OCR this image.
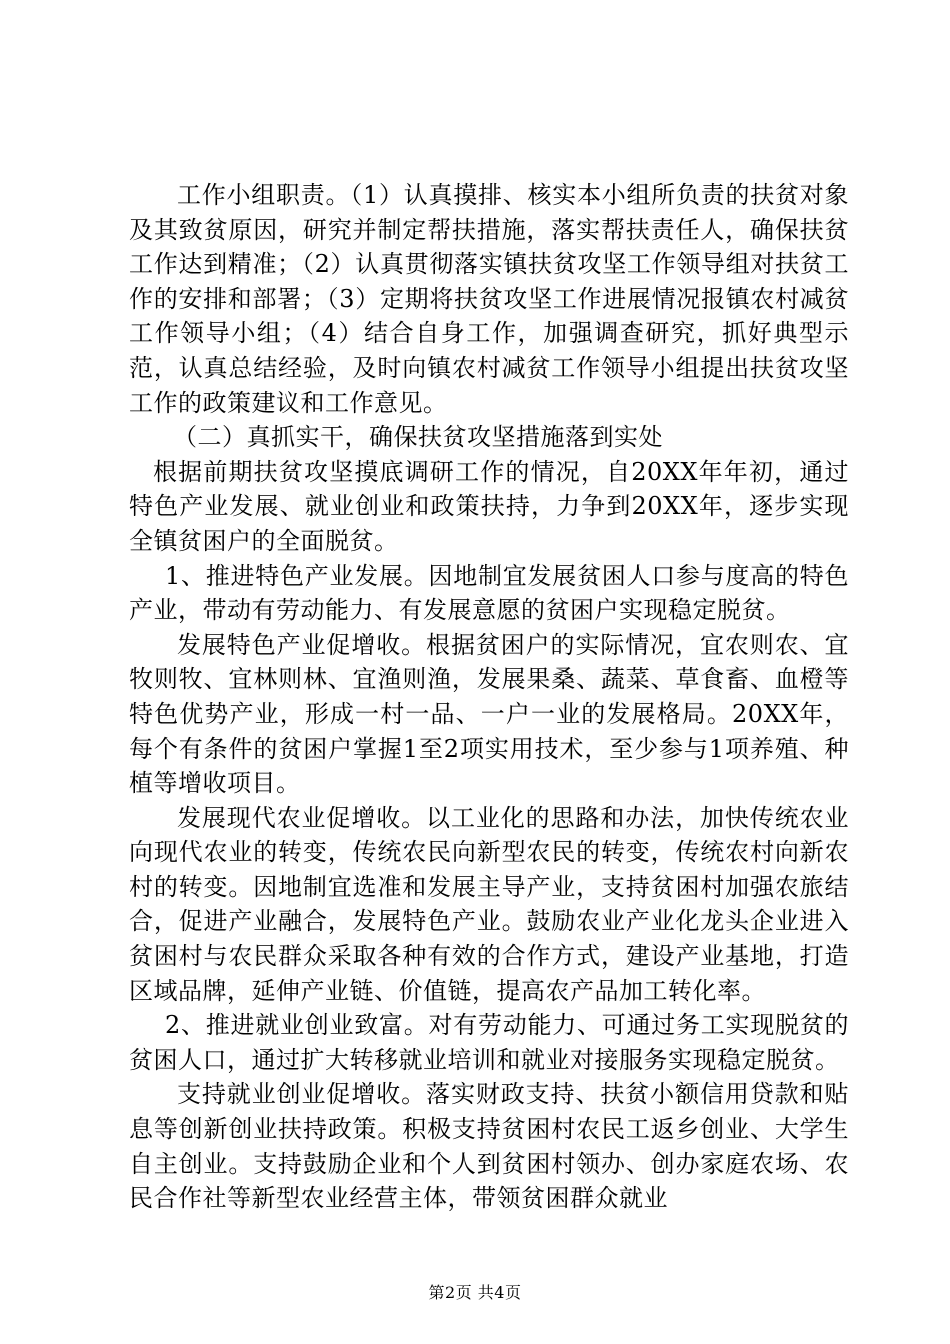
工作小组职责。（1）认真摸排、核实本小组所负责的扶贫对象及其致贫原因，研究并制定帮扶措施，落实帮扶责任人，确保扶贫工作达到精准；（2）认真贯彻落实镇扶贫攻坚工作领导组对扶贫工作的安排和部署；（3）定期将扶贫攻坚工作进展情况报镇农村减贫工作领导小组；（4）结合自身工作，加强调查研究，抓好典型示范，认真总结经验，及时向镇农村减贫工作领导小组提出扶贫攻坚工作的政策建议和工作意见。

（二）真抓实干，确保扶贫攻坚措施落到实处

根据前期扶贫攻坚摸底调研工作的情况，自20XX年年初，通过特色产业发展、就业创业和政策扶持，力争到20XX年，逐步实现全镇贫困户的全面脱贫。

1、推进特色产业发展。因地制宜发展贫困人口参与度高的特色产业，带动有劳动能力、有发展意愿的贫困户实现稳定脱贫。

发展特色产业促增收。根据贫困户的实际情况，宜农则农、宜牧则牧、宜林则林、宜渔则渔，发展果桑、蔬菜、草食畜、血橙等特色优势产业，形成一村一品、一户一业的发展格局。20XX年，每个有条件的贫困户掌握1至2项实用技术，至少参与1项养殖、种植等增收项目。

发展现代农业促增收。以工业化的思路和办法，加快传统农业向现代农业的转变，传统农民向新型农民的转变，传统农村向新农村的转变。因地制宜选准和发展主导产业，支持贫困村加强农旅结合，促进产业融合，发展特色产业。鼓励农业产业化龙头企业进入贫困村与农民群众采取各种有效的合作方式，建设产业基地，打造区域品牌，延伸产业链、价值链，提高农产品加工转化率。

2、推进就业创业致富。对有劳动能力、可通过务工实现脱贫的贫困人口，通过扩大转移就业培训和就业对接服务实现稳定脱贫。

支持就业创业促增收。落实财政支持、扶贫小额信用贷款和贴息等创新创业扶持政策。积极支持贫困村农民工返乡创业、大学生自主创业。支持鼓励企业和个人到贫困村领办、创办家庭农场、农民合作社等新型农业经营主体，带领贫困群众就业

第2页 共4页
